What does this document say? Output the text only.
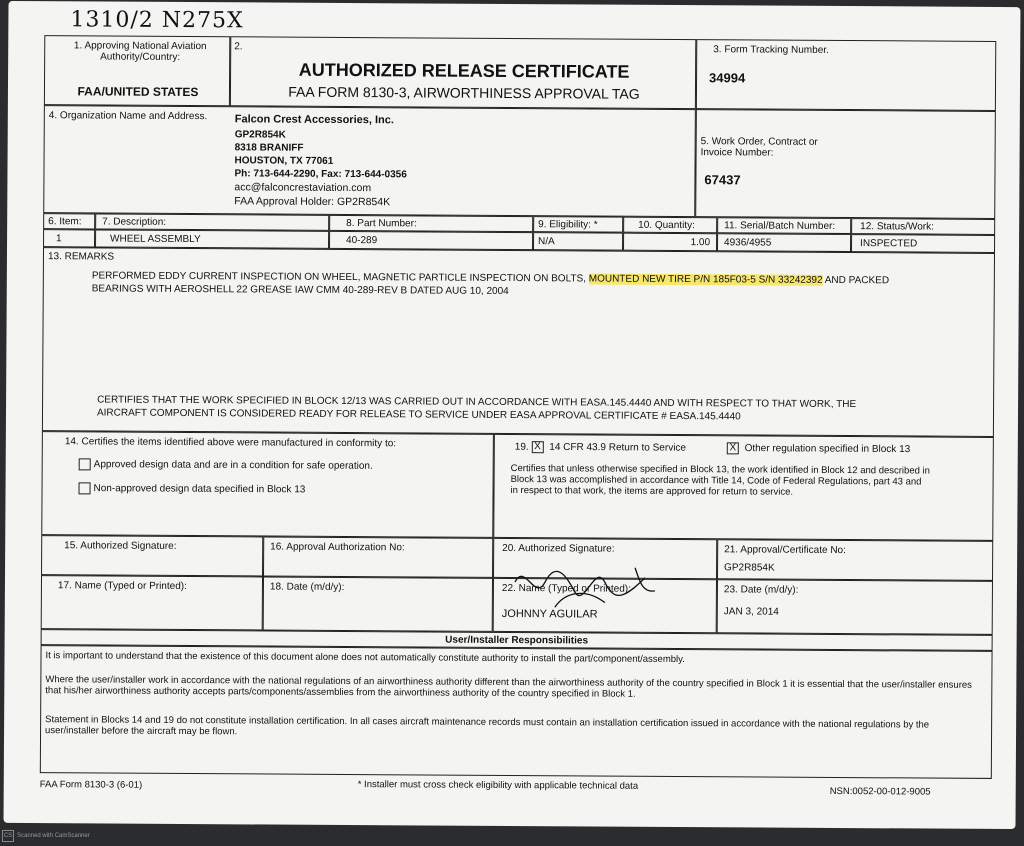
1310/2 N275X
1. Approving National Aviation Authority/Country:
FAA/UNITED STATES
2.
AUTHORIZED RELEASE CERTIFICATE
FAA FORM 8130-3, AIRWORTHINESS APPROVAL TAG
3. Form Tracking Number.
34994
4. Organization Name and Address. Falcon Crest Accessories, Inc.
GP2R854K
8318 BRANIFF
HOUSTON, TX 77061
Ph: 713-644-2290, Fax: 713-644-0356
acc@falconcrestaviation.com
FAA Approval Holder: GP2R854K
5. Work Order, Contract or Invoice Number:
67437
6. Item: 7. Description:	8. Part Number:	9. Eligibility: *	10. Quantity:	11. Serial/Batch Number: 12. Status/Work:
1	WHEEL ASSEMBLY	40-289	N/A	1.00 4936/4955	INSPECTED
13. REMARKS
PERFORMED EDDY CURRENT INSPECTION ON WHEEL, MAGNETIC PARTICLE INSPECTION ON BOLTS, MOUNTED NEW TIRE P/N 185F03-5 S/N 33242392 AND PACKED
BEARINGS WITH AEROSHELL 22 GREASE IAW CMM 40-289-REV B DATED AUG 10, 2004
CERTIFIES THAT THE WORK SPECIFIED IN BLOCK 12/13 WAS CARRIED OUT IN ACCORDANCE WITH EASA.145.4440 AND WITH RESPECT TO THAT WORK, THE
AIRCRAFT COMPONENT IS CONSIDERED READY FOR RELEASE TO SERVICE UNDER EASA APPROVAL CERTIFICATE # EASA.145.4440
14. Certifies the items identified above were manufactured in conformity to:
Approved design data and are in a condition for safe operation.
Non-approved design data specified in Block 13
19. X 14 CFR 43.9 Return to Service	X Other regulation specified in Block 13
Certifies that unless otherwise specified in Block 13, the work identified in Block 12 and described in Block 13 was accomplished in accordance with Title 14, Code of Federal Regulations, part 43 and in respect to that work, the items are approved for return to service.
15. Authorized Signature:	16. Approval Authorization No:	20. Authorized Signature:	21. Approval/Certificate No:
GP2R854K
17. Name (Typed or Printed):	18. Date (m/d/y):	22. Name (Typed or Printed):
JOHNNY AGUILAR
23. Date (m/d/y):
JAN 3, 2014
User/Installer Responsibilities
It is important to understand that the existence of this document alone does not automatically constitute authority to install the part/component/assembly.
Where the user/installer work in accordance with the national regulations of an airworthiness authority different than the airworthiness authority of the country specified in Block 1 it is essential that the user/installer ensures that his/her airworthiness authority accepts parts/components/assemblies from the airworthiness authority of the country specified in Block 1.
Statement in Blocks 14 and 19 do not constitute installation certification. In all cases aircraft maintenance records must contain an installation certification issued in accordance with the national regulations by the user/installer before the aircraft may be flown.
FAA Form 8130-3 (6-01)	* Installer must cross check eligibility with applicable technical data	NSN:0052-00-012-9005
CS Scanned with CamScanner
